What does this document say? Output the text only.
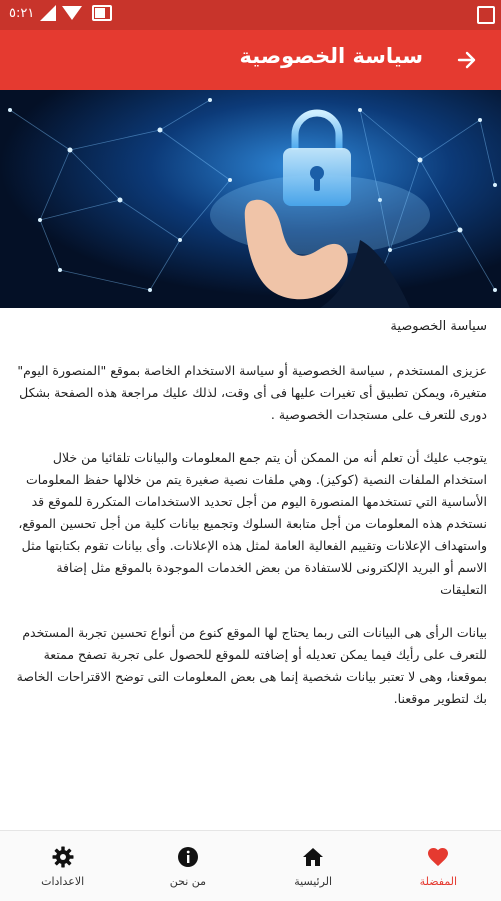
٥:٢١
سياسة الخصوصية
سياسة الخصوصية

عزيزى المستخدم , سياسة الخصوصية أو سياسة الاستخدام الخاصة بموقع "المنصورة اليوم" متغيرة، ويمكن تطبيق أى تغيرات عليها فى أى وقت، لذلك عليك مراجعة هذه الصفحة بشكل دورى للتعرف على مستجدات الخصوصية .

يتوجب عليك أن تعلم أنه من الممكن أن يتم جمع المعلومات والبيانات تلقائيا من خلال استخدام الملفات النصية (كوكيز). وهي ملفات نصية صغيرة يتم من خلالها حفظ المعلومات الأساسية التي تستخدمها المنصورة اليوم من أجل تحديد الاستخدامات المتكررة للموقع قد نستخدم هذه المعلومات من أجل متابعة السلوك وتجميع بيانات كلية من أجل تحسين الموقع، واستهداف الإعلانات وتقييم الفعالية العامة لمثل هذه الإعلانات. وأى بيانات تقوم بكتابتها مثل الاسم أو البريد الإلكترونى للاستفادة من بعض الخدمات الموجودة بالموقع مثل إضافة التعليقات

بيانات الرأى هى البيانات التى ربما يحتاج لها الموقع كنوع من أنواع تحسين تجربة المستخدم للتعرف على رأيك فيما يمكن تعديله أو إضافته للموقع للحصول على تجربة تصفح ممتعة بموقعنا، وهى لا تعتبر بيانات شخصية إنما هى بعض المعلومات التى توضح الاقتراحات الخاصة بك لتطوير موقعنا.

المفضلة
الرئيسية
من نحن
الاعدادات
